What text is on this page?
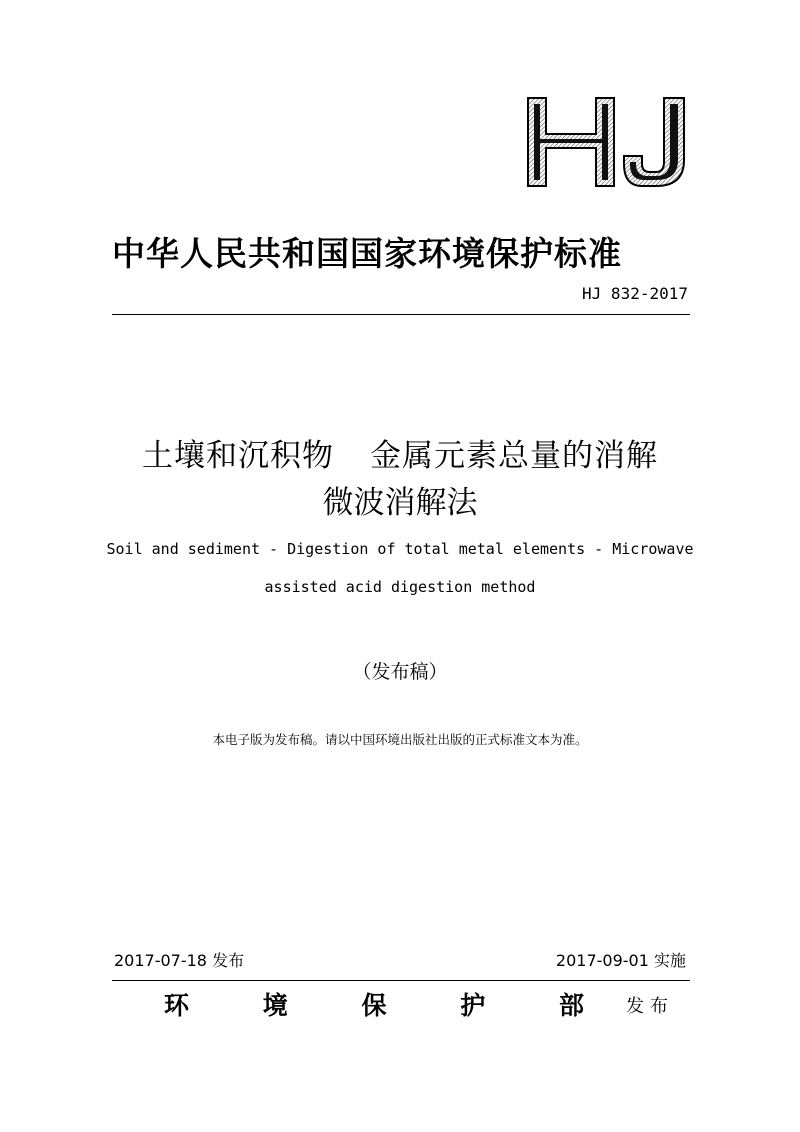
中华人民共和国国家环境保护标准
HJ 832-2017
土壤和沉积物 金属元素总量的消解
微波消解法
Soil and sediment - Digestion of total metal elements - Microwave
assisted acid digestion method
（发布稿）
本电子版为发布稿。请以中国环境出版社出版的正式标准文本为准。
2017-07-18 发布	2017-09-01 实施
环	境	保	护	部 发布
